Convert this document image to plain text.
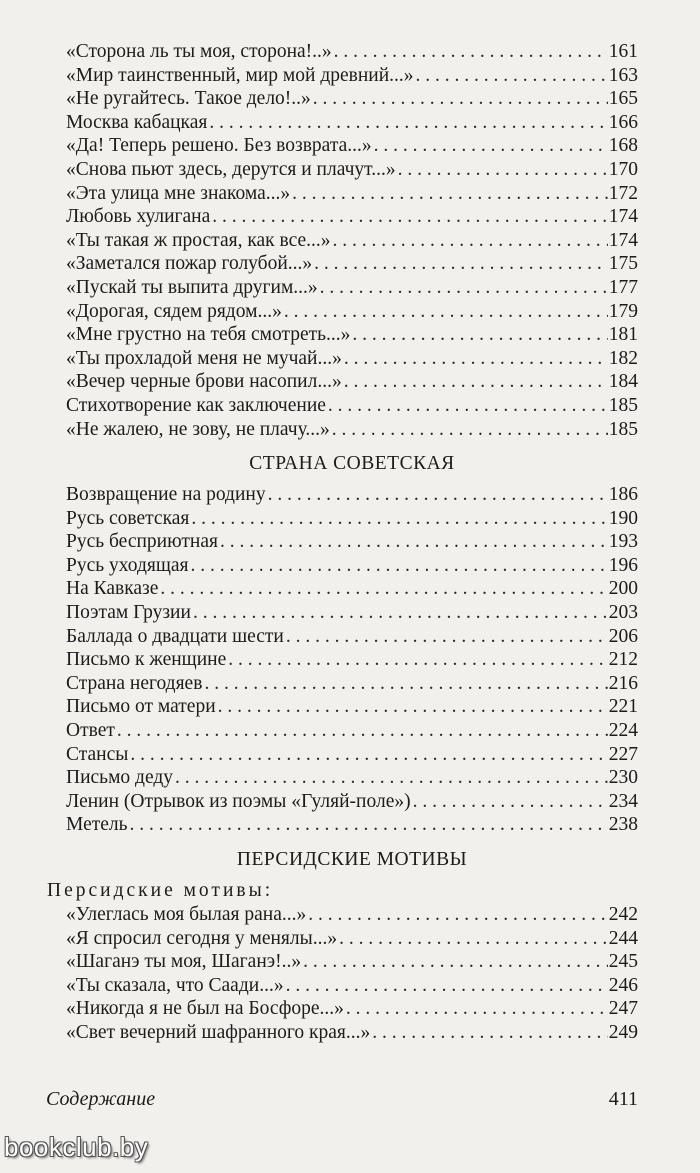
«Сторона ль ты моя, сторона!..» . . .	161
«Мир таинственный, мир мой древний...» . . .	163
«Не ругайтесь. Такое дело!..» . . .	165
Москва кабацкая . . .	166
«Да! Теперь решено. Без возврата...» . . .	168
«Снова пьют здесь, дерутся и плачут...» . . .	170
«Эта улица мне знакома...» . . .	172
Любовь хулигана . . .	174
«Ты такая ж простая, как все...» . . .	174
«Заметался пожар голубой...» . . .	175
«Пускай ты выпита другим...» . . .	177
«Дорогая, сядем рядом...» . . .	179
«Мне грустно на тебя смотреть...» . . .	181
«Ты прохладой меня не мучай...» . . .	182
«Вечер черные брови насопил...» . . .	184
Стихотворение как заключение . . .	185
«Не жалею, не зову, не плачу...» . . .	185
СТРАНА СОВЕТСКАЯ
Возвращение на родину . . .	186
Русь советская . . .	190
Русь бесприютная . . .	193
Русь уходящая . . .	196
На Кавказе . . .	200
Поэтам Грузии . . .	203
Баллада о двадцати шести . . .	206
Письмо к женщине . . .	212
Страна негодяев . . .	216
Письмо от матери . . .	221
Ответ . . .	224
Стансы . . .	227
Письмо деду . . .	230
Ленин (Отрывок из поэмы «Гуляй-поле») . . .	234
Метель . . .	238
ПЕРСИДСКИЕ МОТИВЫ
Персидские мотивы:
«Улеглась моя былая рана...» . . .	242
«Я спросил сегодня у менялы...» . . .	244
«Шаганэ ты моя, Шаганэ!..» . . .	245
«Ты сказала, что Саади...» . . .	246
«Никогда я не был на Босфоре...» . . .	247
«Свет вечерний шафранного края...» . . .	249
Содержание	411
bookclub.by
